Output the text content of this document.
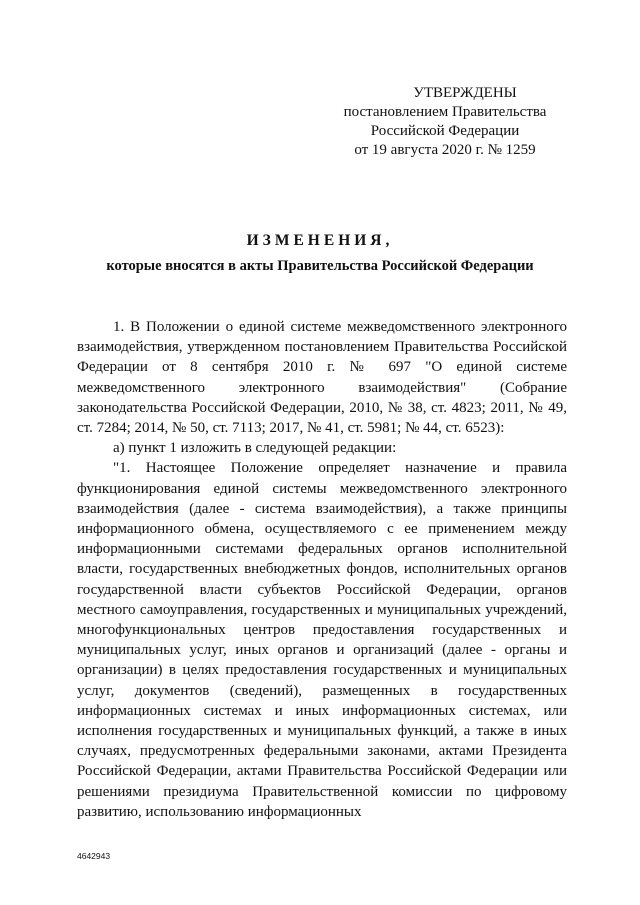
УТВЕРЖДЕНЫ
постановлением Правительства
Российской Федерации
от 19 августа 2020 г. № 1259
ИЗМЕНЕНИЯ,
которые вносятся в акты Правительства Российской Федерации

1. В Положении о единой системе межведомственного электронного взаимодействия, утвержденном постановлением Правительства Российской Федерации от 8 сентября 2010 г. № 697 "О единой системе межведомственного электронного взаимодействия" (Собрание законодательства Российской Федерации, 2010, № 38, ст. 4823; 2011, № 49, ст. 7284; 2014, № 50, ст. 7113; 2017, № 41, ст. 5981; № 44, ст. 6523):

а) пункт 1 изложить в следующей редакции:

"1. Настоящее Положение определяет назначение и правила функционирования единой системы межведомственного электронного взаимодействия (далее - система взаимодействия), а также принципы информационного обмена, осуществляемого с ее применением между информационными системами федеральных органов исполнительной власти, государственных внебюджетных фондов, исполнительных органов государственной власти субъектов Российской Федерации, органов местного самоуправления, государственных и муниципальных учреждений, многофункциональных центров предоставления государственных и муниципальных услуг, иных органов и организаций (далее - органы и организации) в целях предоставления государственных и муниципальных услуг, документов (сведений), размещенных в государственных информационных системах и иных информационных системах, или исполнения государственных и муниципальных функций, а также в иных случаях, предусмотренных федеральными законами, актами Президента Российской Федерации, актами Правительства Российской Федерации или решениями президиума Правительственной комиссии по цифровому развитию, использованию информационных

4642943
